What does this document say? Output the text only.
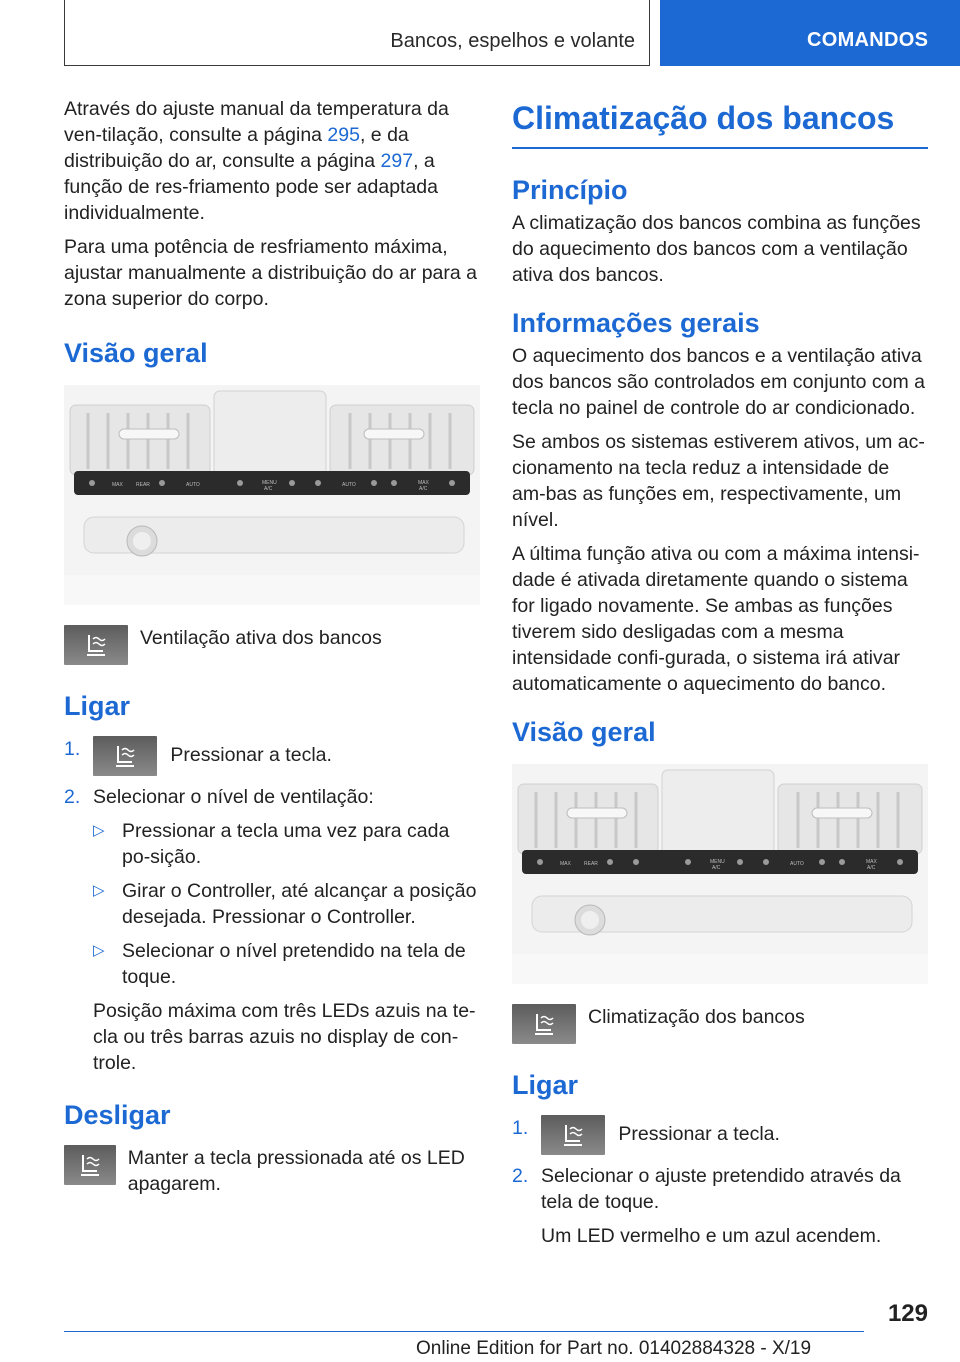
Bancos, espelhos e volante	COMANDOS

Através do ajuste manual da temperatura da ven-tilação, consulte a página 295, e da distribuição do ar, consulte a página 297, a função de res-friamento pode ser adaptada individualmente.

Para uma potência de resfriamento máxima, ajustar manualmente a distribuição do ar para a zona superior do corpo.

Visão geral
MAX	REAR	AUTO	MENU
A/C
AUTO	MAX
A/C
Ventilação ativa dos bancos
Ligar
1.	Pressionar a tecla.
2. Selecionar o nível de ventilação:
▷ Pressionar a tecla uma vez para cada po-sição.
▷ Girar o Controller, até alcançar a posição desejada. Pressionar o Controller.
▷ Selecionar o nível pretendido na tela de toque.

Posição máxima com três LEDs azuis na te-cla ou três barras azuis no display de con-trole.

Desligar
Manter a tecla pressionada até os LED apagarem.
Climatização dos bancos
Princípio

A climatização dos bancos combina as funções do aquecimento dos bancos com a ventilação ativa dos bancos.

Informações gerais

O aquecimento dos bancos e a ventilação ativa dos bancos são controlados em conjunto com a tecla no painel de controle do ar condicionado.

Se ambos os sistemas estiverem ativos, um ac-cionamento na tecla reduz a intensidade de am-bas as funções em, respectivamente, um nível.

A última função ativa ou com a máxima intensi-dade é ativada diretamente quando o sistema for ligado novamente. Se ambas as funções tiverem sido desligadas com a mesma intensidade confi-gurada, o sistema irá ativar automaticamente o aquecimento do banco.

Visão geral
MAX	REAR	MENU
A/C
AUTO	MAX
A/C
Climatização dos bancos
Ligar
1.	Pressionar a tecla.
2. Selecionar o ajuste pretendido através da tela de toque.

Um LED vermelho e um azul acendem.

129
Online Edition for Part no. 01402884328 - X/19
